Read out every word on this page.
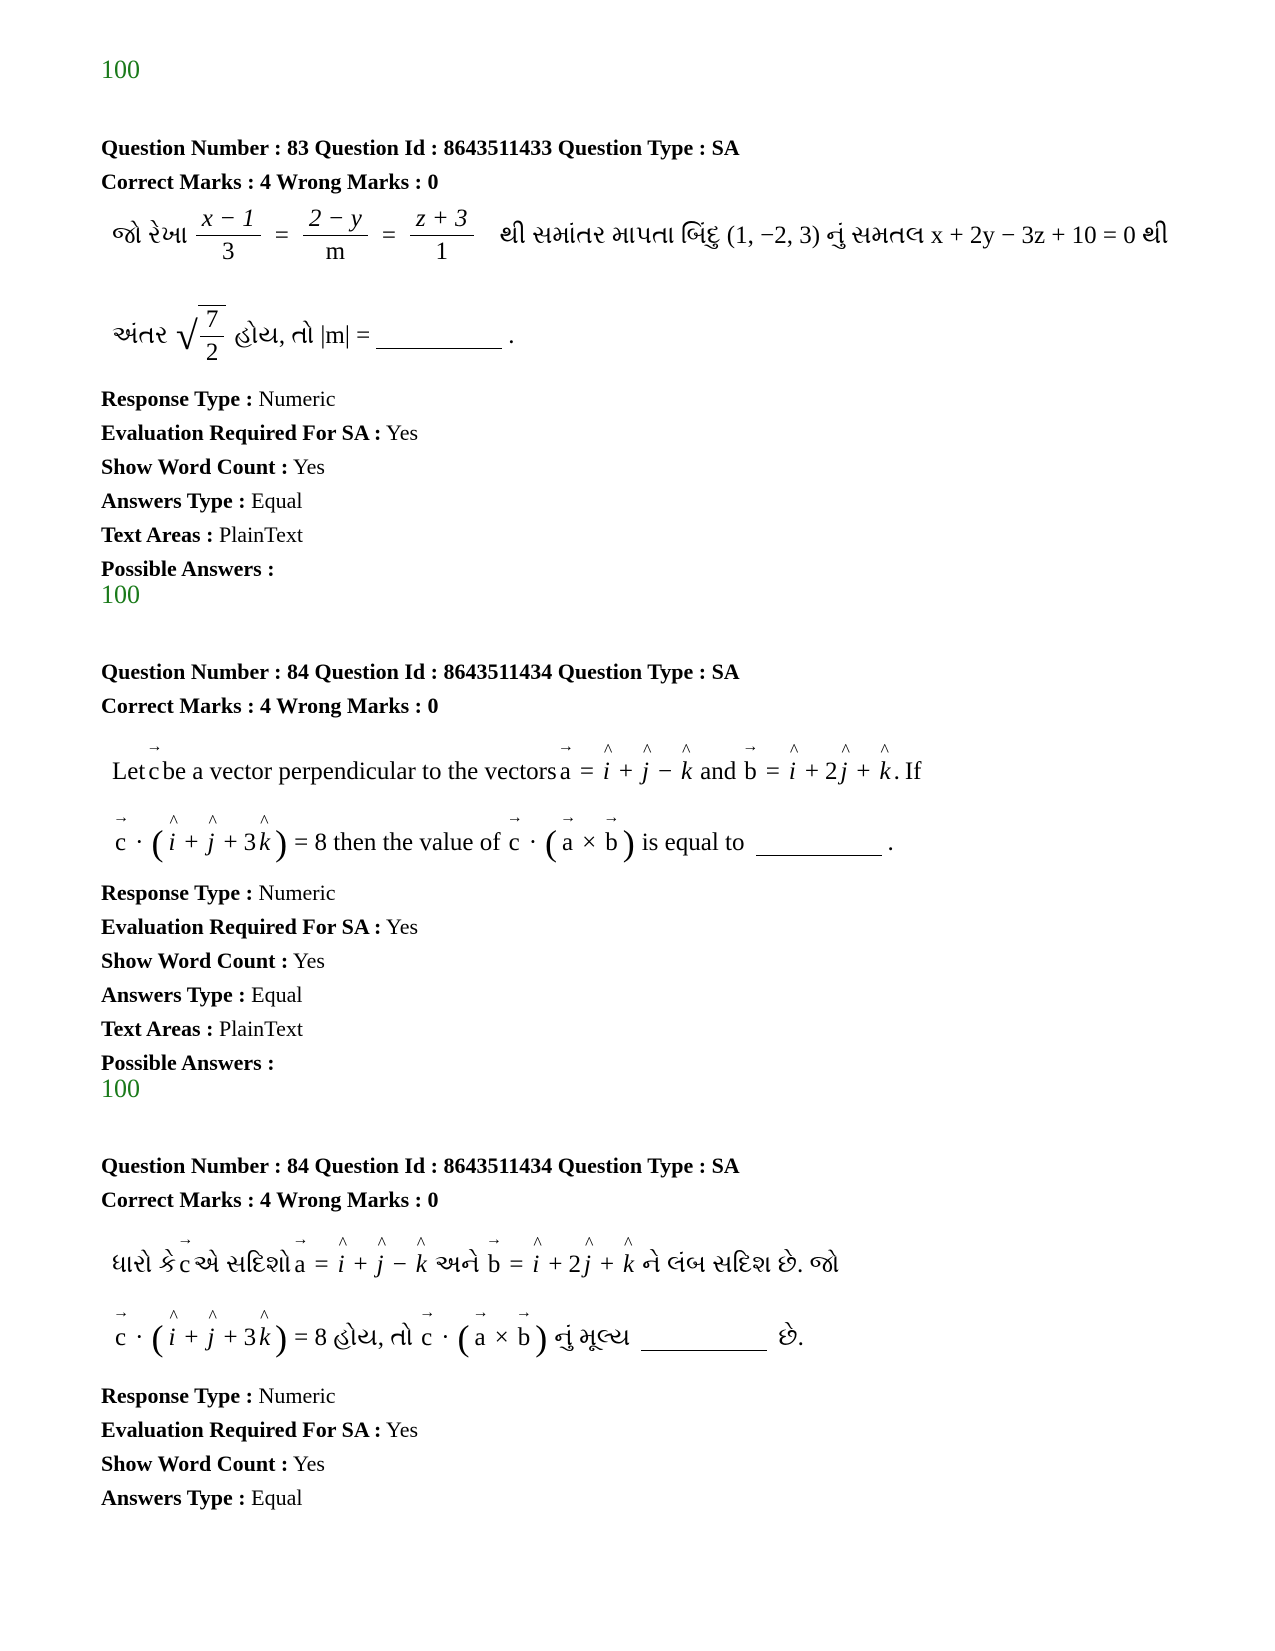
100
Question Number : 83 Question Id : 8643511433 Question Type : SA
Correct Marks : 4 Wrong Marks : 0
જો રેખા $\frac{x - 1}{3} = \frac{2 - y}{m} = \frac{z + 3}{1}$ થી સમાંતર માપતા બિંદુ (1, −2, 3) નું સમતલ x + 2y − 3z + 10 = 0 થી
અંતર √ $\frac{7}{2}$ હોય, તો |m| =	.
Response Type : Numeric
Evaluation Required For SA : Yes
Show Word Count : Yes
Answers Type : Equal
Text Areas : PlainText
Possible Answers :
100
Question Number : 84 Question Id : 8643511434 Question Type : SA
Correct Marks : 4 Wrong Marks : 0
Let → c be a vector perpendicular to the vectors → a = ^ i + ^ j − ^ k and → b = ^ i + 2 ^ j + ^ k . If
→ c · ( ^ i + ^ j + 3 ^ k ) = 8 then the value of → c · ( → a × → b ) is equal to	.
Response Type : Numeric
Evaluation Required For SA : Yes
Show Word Count : Yes
Answers Type : Equal
Text Areas : PlainText
Possible Answers :
100
Question Number : 84 Question Id : 8643511434 Question Type : SA
Correct Marks : 4 Wrong Marks : 0
ધારો કે → c એ સદિશો → a = ^ i + ^ j − ^ k અને → b = ^ i + 2 ^ j + ^ k ને લંબ સદિશ છે. જો
→ c · ( ^ i + ^ j + 3 ^ k ) = 8 હોય, તો → c · ( → a × → b ) નું મૂલ્ય	છે.
Response Type : Numeric
Evaluation Required For SA : Yes
Show Word Count : Yes
Answers Type : Equal
